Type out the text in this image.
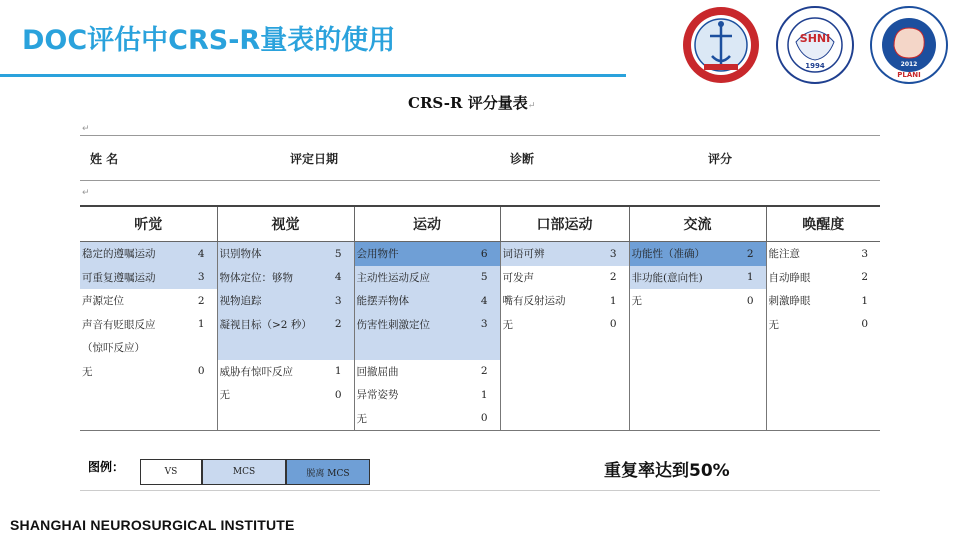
DOC评估中CRS-R量表的使用	SHNI
1994	2012
PLANI
CRS-R 评分量表↵
↵
姓 名	评定日期	诊断	评分
↵
听觉	视觉	运动	口部运动	交流	唤醒度

稳定的遵嘱运动 4	识别物体 5	会用物件 6	词语可辨 3	功能性（准确） 2	能注意 3

可重复遵嘱运动 3	物体定位：够物 4	主动性运动反应 5	可发声 2	非功能(意向性) 1	自动睁眼 2

声源定位 2	视物追踪 3	能摆弄物体 4	嘴有反射运动 1	无 0	刺激睁眼 1

声音有贬眼反应 1	凝视目标（>2 秒） 2	伤害性刺激定位 3	无 0		无 0

（惊吓反应）					

无 0	威胁有惊吓反应 1	回撤屈曲 2			

	无 0	异常姿势 1			

		无 0			

图例：	VS	MCS	脱离 MCS	重复率达到50%
SHANGHAI NEUROSURGICAL INSTITUTE
